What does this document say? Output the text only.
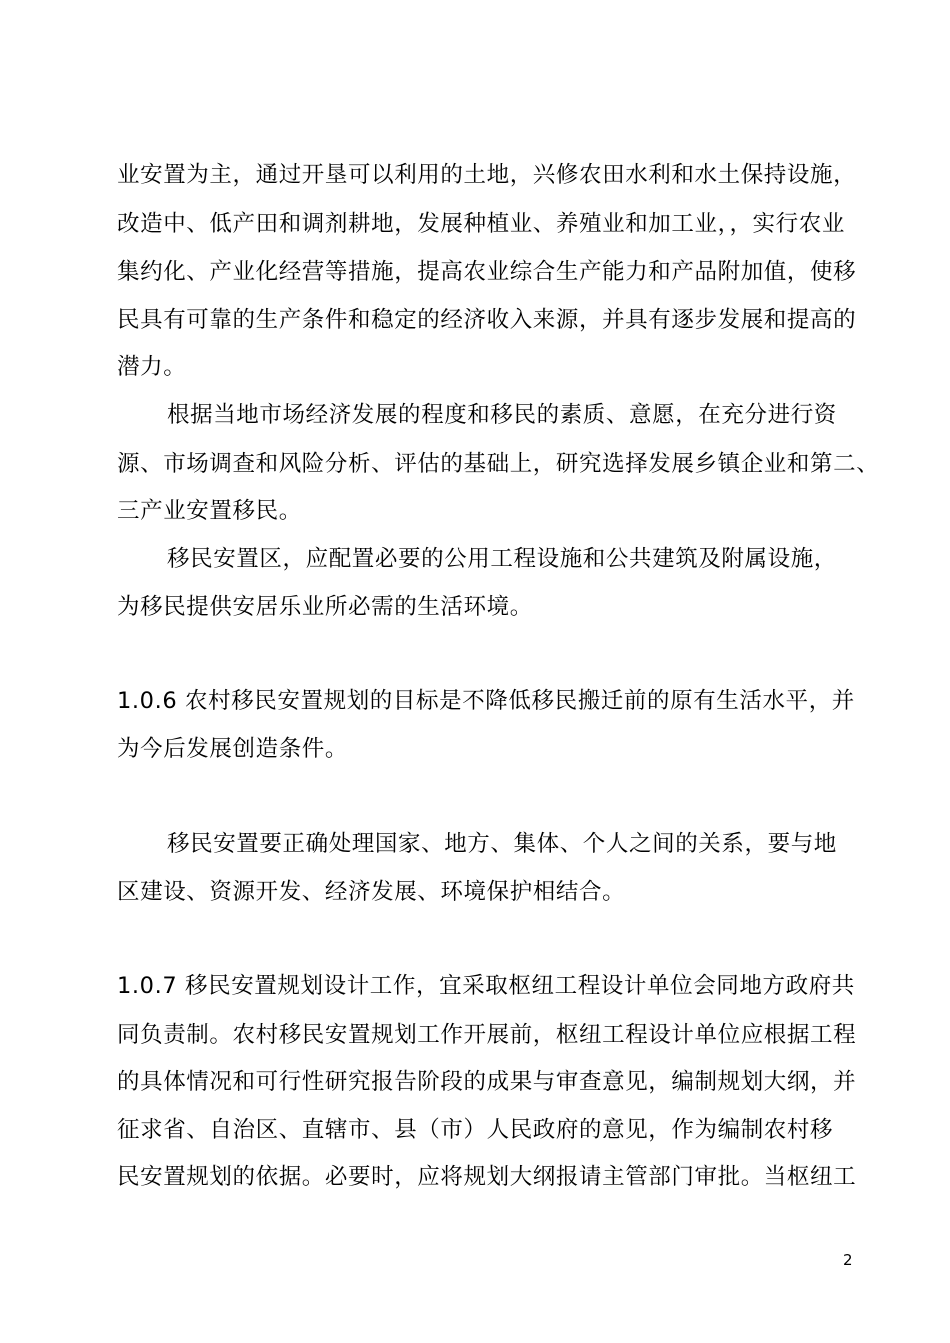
业安置为主，通过开垦可以利用的土地，兴修农田水利和水土保持设施，
改造中、低产田和调剂耕地，发展种植业、养殖业和加工业，，实行农业
集约化、产业化经营等措施，提高农业综合生产能力和产品附加值，使移
民具有可靠的生产条件和稳定的经济收入来源，并具有逐步发展和提高的
潜力。
根据当地市场经济发展的程度和移民的素质、意愿，在充分进行资
源、市场调查和风险分析、评估的基础上，研究选择发展乡镇企业和第二、
三产业安置移民。
移民安置区，应配置必要的公用工程设施和公共建筑及附属设施，
为移民提供安居乐业所必需的生活环境。
1.0.6 农村移民安置规划的目标是不降低移民搬迁前的原有生活水平，并
为今后发展创造条件。
移民安置要正确处理国家、地方、集体、个人之间的关系，要与地
区建设、资源开发、经济发展、环境保护相结合。
1.0.7 移民安置规划设计工作，宜采取枢纽工程设计单位会同地方政府共
同负责制。农村移民安置规划工作开展前，枢纽工程设计单位应根据工程
的具体情况和可行性研究报告阶段的成果与审查意见，编制规划大纲，并
征求省、自治区、直辖市、县（市）人民政府的意见，作为编制农村移
民安置规划的依据。必要时，应将规划大纲报请主管部门审批。当枢纽工
2
